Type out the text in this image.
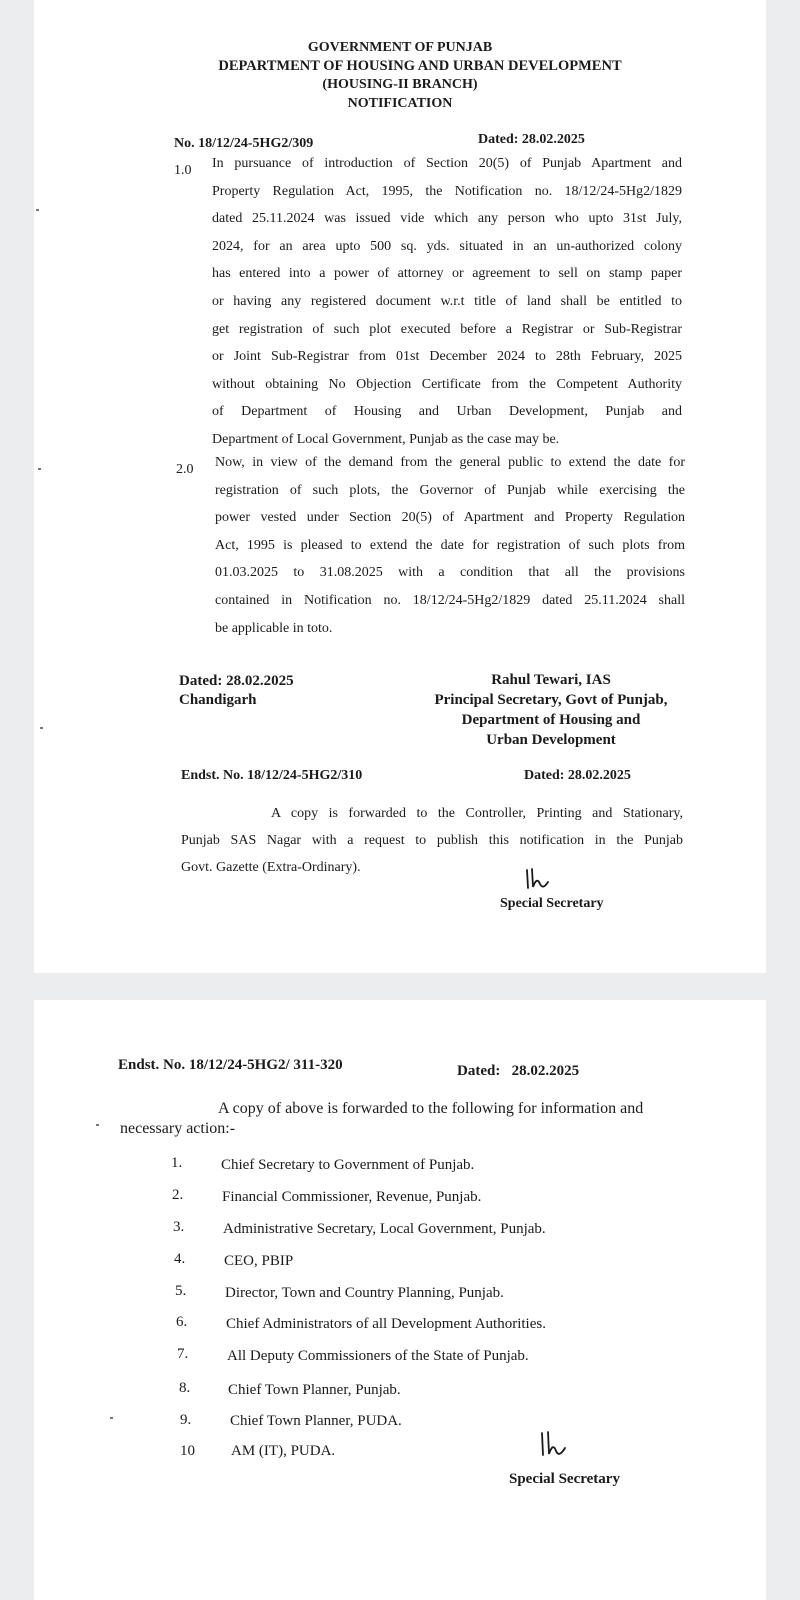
GOVERNMENT OF PUNJAB
DEPARTMENT OF HOUSING AND URBAN DEVELOPMENT
(HOUSING-II BRANCH)
NOTIFICATION
No. 18/12/24-5HG2/309	Dated: 28.02.2025
1.0 In pursuance of introduction of Section 20(5) of Punjab Apartment and
Property Regulation Act, 1995, the Notification no. 18/12/24-5Hg2/1829
dated 25.11.2024 was issued vide which any person who upto 31st July,
2024, for an area upto 500 sq. yds. situated in an un-authorized colony
has entered into a power of attorney or agreement to sell on stamp paper
or having any registered document w.r.t title of land shall be entitled to
get registration of such plot executed before a Registrar or Sub-Registrar
or Joint Sub-Registrar from 01st December 2024 to 28th February, 2025
without obtaining No Objection Certificate from the Competent Authority
of Department of Housing and Urban Development, Punjab and
Department of Local Government, Punjab as the case may be.
2.0 Now, in view of the demand from the general public to extend the date for
registration of such plots, the Governor of Punjab while exercising the
power vested under Section 20(5) of Apartment and Property Regulation
Act, 1995 is pleased to extend the date for registration of such plots from
01.03.2025 to 31.08.2025 with a condition that all the provisions
contained in Notification no. 18/12/24-5Hg2/1829 dated 25.11.2024 shall
be applicable in toto.
Dated: 28.02.2025
Chandigarh
Rahul Tewari, IAS
Principal Secretary, Govt of Punjab,
Department of Housing and
Urban Development
Endst. No. 18/12/24-5HG2/310	Dated: 28.02.2025
A copy is forwarded to the Controller, Printing and Stationary,
Punjab SAS Nagar with a request to publish this notification in the Punjab
Govt. Gazette (Extra-Ordinary).
Special Secretary
Endst. No. 18/12/24-5HG2/ 311-320	Dated:   28.02.2025
A copy of above is forwarded to the following for information and
necessary action:-
1.	Chief Secretary to Government of Punjab.
2.	Financial Commissioner, Revenue, Punjab.
3.	Administrative Secretary, Local Government, Punjab.
4.	CEO, PBIP
5.	Director, Town and Country Planning, Punjab.
6.	Chief Administrators of all Development Authorities.
7.	All Deputy Commissioners of the State of Punjab.
8.	Chief Town Planner, Punjab.
9.	Chief Town Planner, PUDA.
10 AM (IT), PUDA.
Special Secretary
